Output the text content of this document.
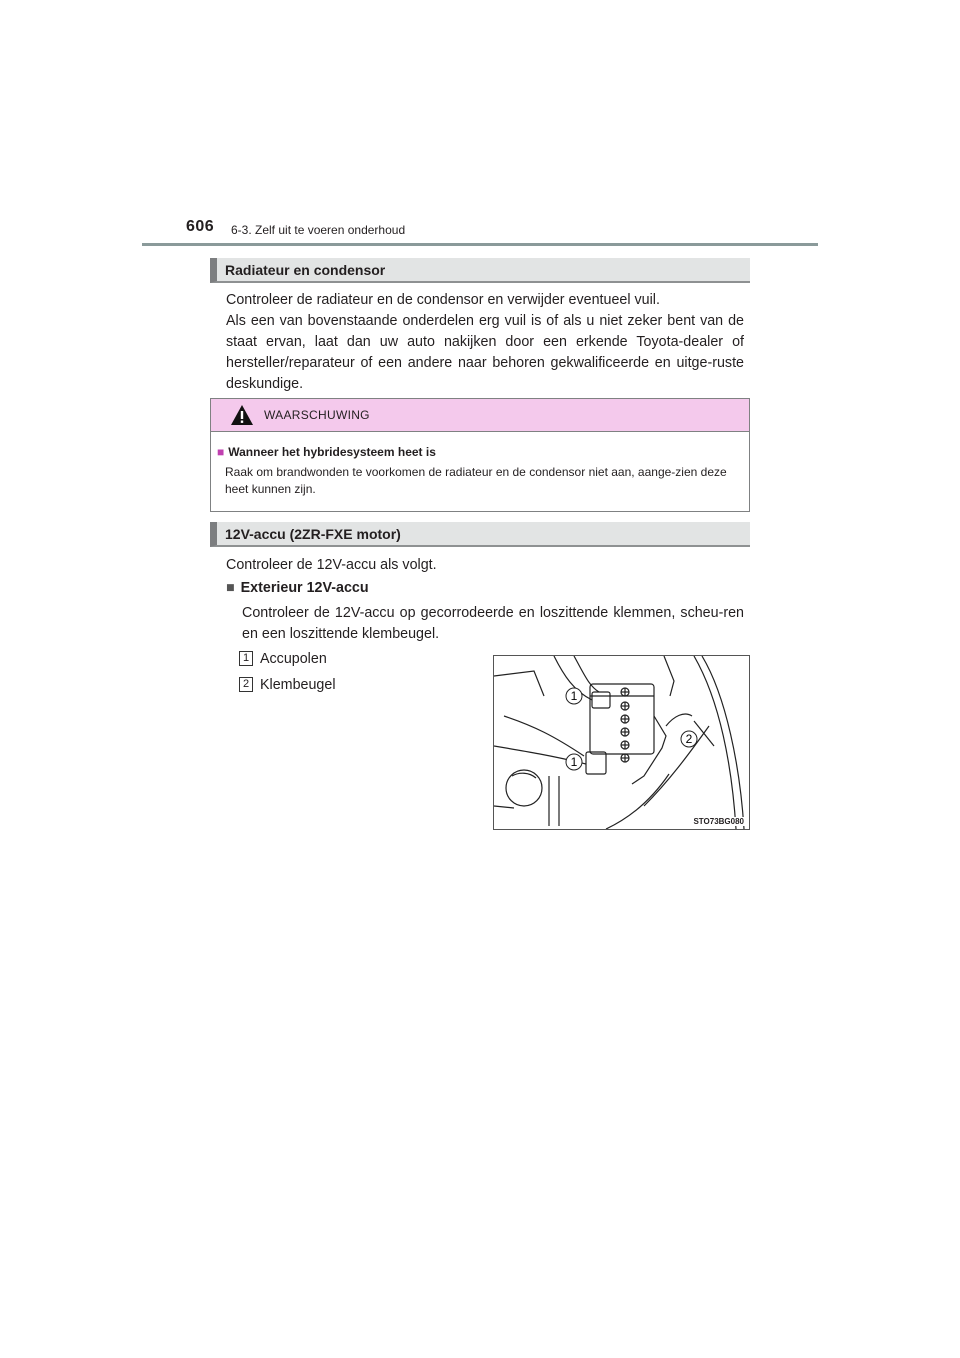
606 6-3. Zelf uit te voeren onderhoud
Radiateur en condensor

Controleer de radiateur en de condensor en verwijder eventueel vuil.

Als een van bovenstaande onderdelen erg vuil is of als u niet zeker bent van de staat ervan, laat dan uw auto nakijken door een erkende Toyota-dealer of hersteller/reparateur of een andere naar behoren gekwalificeerde en uitge-ruste deskundige.

WAARSCHUWING
■ Wanneer het hybridesysteem heet is
Raak om brandwonden te voorkomen de radiateur en de condensor niet aan, aange-zien deze heet kunnen zijn.
12V-accu (2ZR-FXE motor)
Controleer de 12V-accu als volgt.
■ Exterieur 12V-accu
Controleer de 12V-accu op gecorrodeerde en loszittende klemmen, scheu-ren en een loszittende klembeugel.
1 Accupolen
2 Klembeugel
1
2
1
STO73BG080
